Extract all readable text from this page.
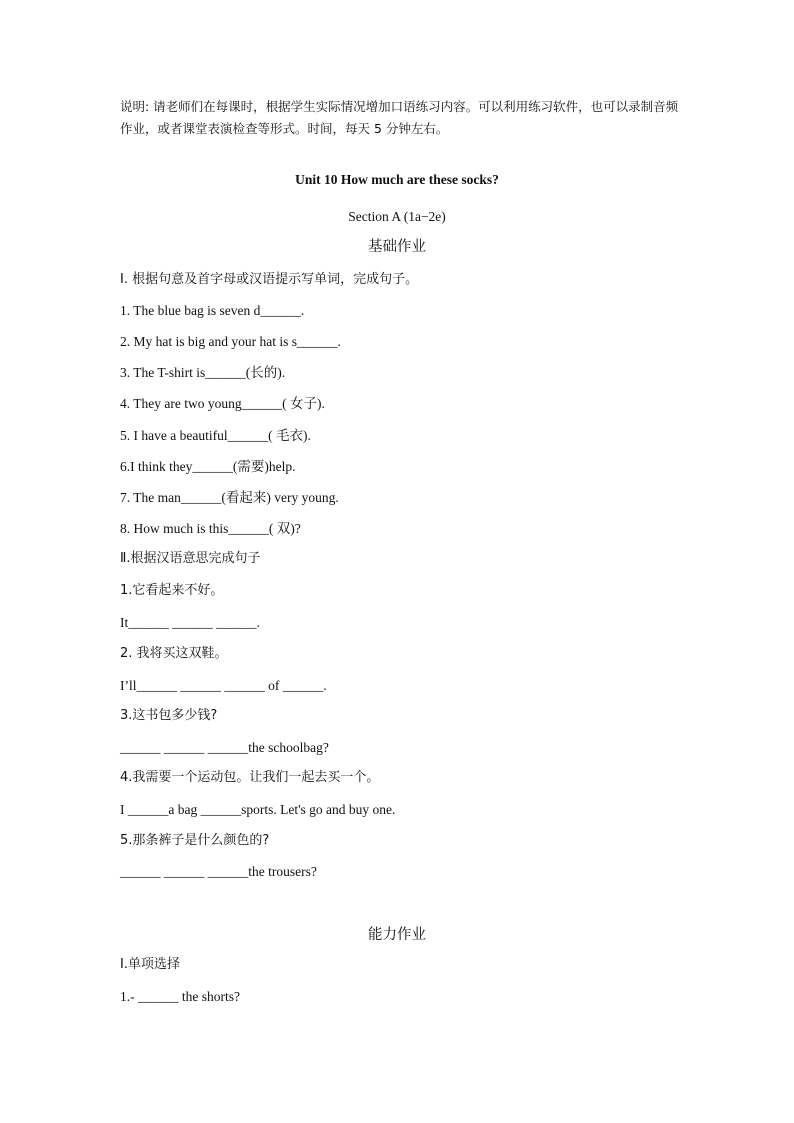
说明: 请老师们在每课时，根据学生实际情况增加口语练习内容。可以利用练习软件，也可以录制音频作业，或者课堂表演检查等形式。时间，每天 5 分钟左右。
Unit 10 How much are these socks?
Section A (1a−2e)
基础作业
I. 根据句意及首字母或汉语提示写单词，完成句子。
1. The blue bag is seven d______.
2. My hat is big and your hat is s______.
3. The T-shirt is______(长的).
4. They are two young______( 女子).
5. I have a beautiful______( 毛衣).
6.I think they______(需要)help.
7. The man______(看起来) very young.
8. How much is this______( 双)?
Ⅱ.根据汉语意思完成句子
1.它看起来不好。
It______ ______ ______.
2. 我将买这双鞋。
I’ll______ ______ ______ of ______.
3.这书包多少钱?
______ ______ ______the schoolbag?
4.我需要一个运动包。让我们一起去买一个。
I ______a bag ______sports. Let's go and buy one.
5.那条裤子是什么颜色的?
______ ______ ______the trousers?
能力作业
I.单项选择
1.- ______ the shorts?
